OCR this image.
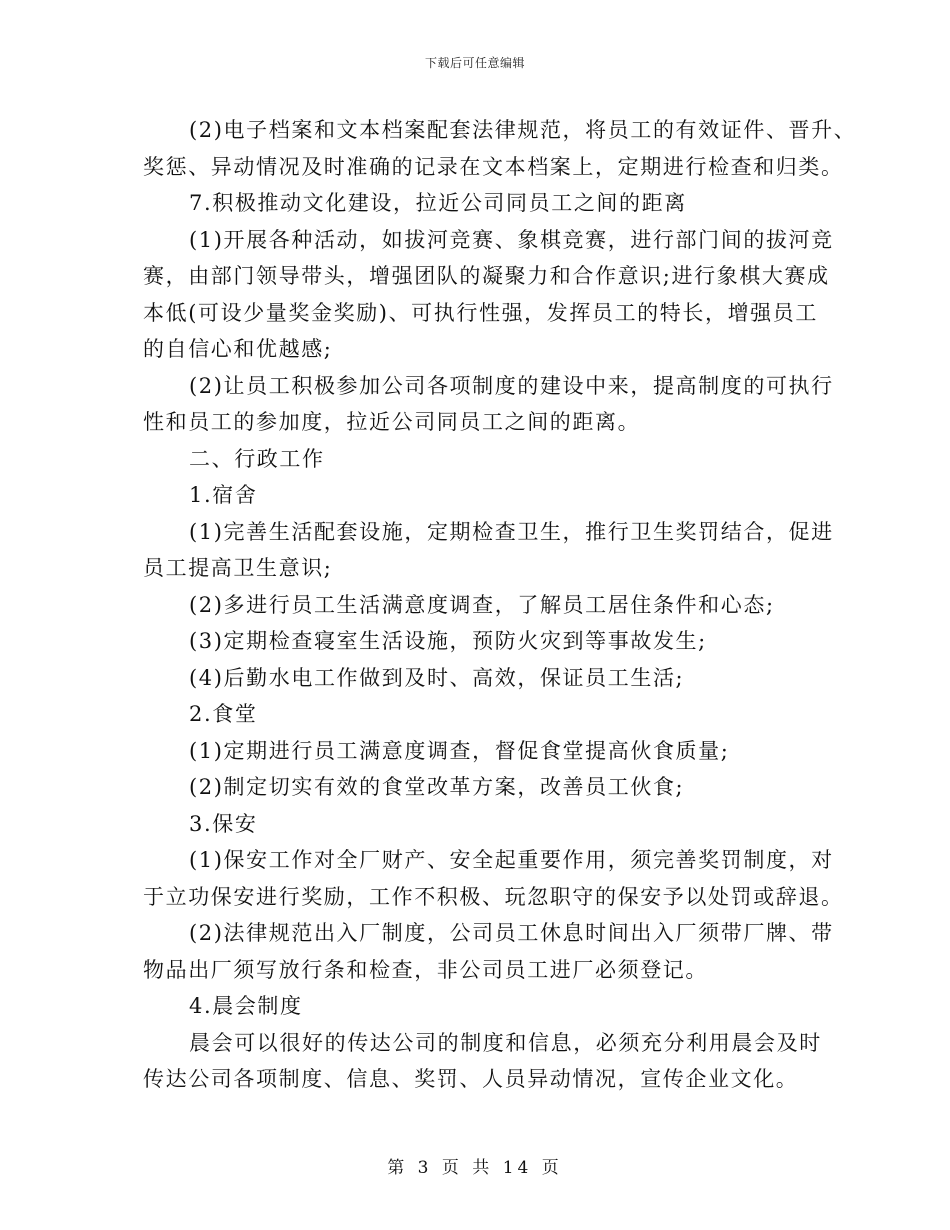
下载后可任意编辑

(2)电子档案和文本档案配套法律规范，将员工的有效证件、晋升、

奖惩、异动情况及时准确的记录在文本档案上，定期进行检查和归类。

7.积极推动文化建设，拉近公司同员工之间的距离

(1)开展各种活动，如拔河竞赛、象棋竞赛，进行部门间的拔河竞

赛，由部门领导带头，增强团队的凝聚力和合作意识;进行象棋大赛成

本低(可设少量奖金奖励)、可执行性强，发挥员工的特长，增强员工

的自信心和优越感;

(2)让员工积极参加公司各项制度的建设中来，提高制度的可执行

性和员工的参加度，拉近公司同员工之间的距离。

二、行政工作

1.宿舍

(1)完善生活配套设施，定期检查卫生，推行卫生奖罚结合，促进

员工提高卫生意识;

(2)多进行员工生活满意度调查，了解员工居住条件和心态;

(3)定期检查寝室生活设施，预防火灾到等事故发生;

(4)后勤水电工作做到及时、高效，保证员工生活;

2.食堂

(1)定期进行员工满意度调查，督促食堂提高伙食质量;

(2)制定切实有效的食堂改革方案，改善员工伙食;

3.保安

(1)保安工作对全厂财产、安全起重要作用，须完善奖罚制度，对

于立功保安进行奖励，工作不积极、玩忽职守的保安予以处罚或辞退。

(2)法律规范出入厂制度，公司员工休息时间出入厂须带厂牌、带

物品出厂须写放行条和检查，非公司员工进厂必须登记。

4.晨会制度

晨会可以很好的传达公司的制度和信息，必须充分利用晨会及时

传达公司各项制度、信息、奖罚、人员异动情况，宣传企业文化。

第 3 页 共 14 页
